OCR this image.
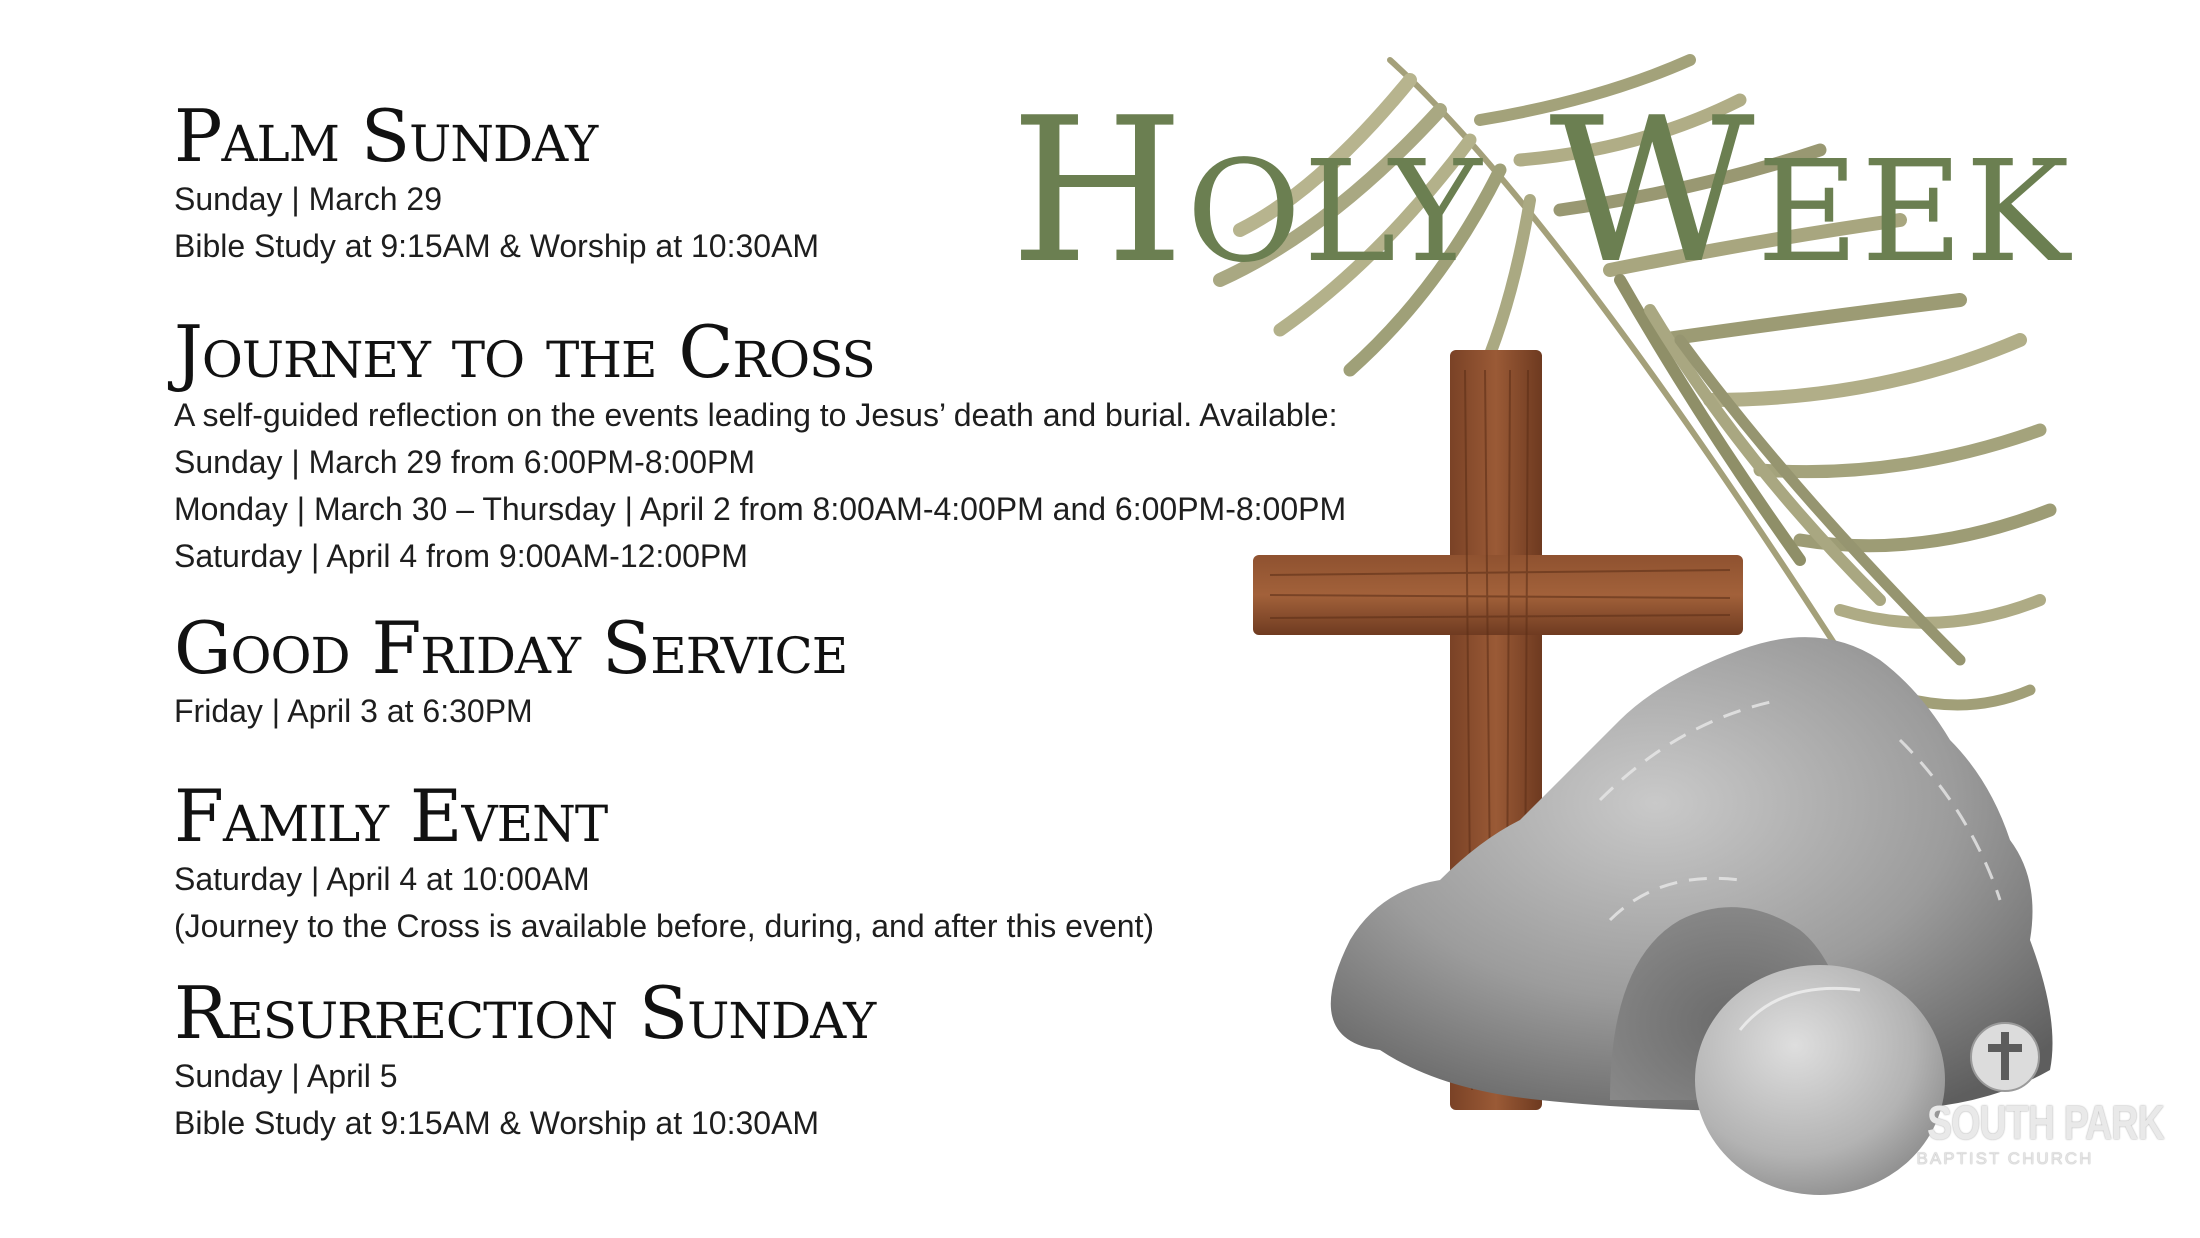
Holy Week
Palm Sunday
Sunday | March 29
Bible Study at 9:15AM & Worship at 10:30AM
Journey to the Cross
A self-guided reflection on the events leading to Jesus’ death and burial. Available:
Sunday | March 29 from 6:00PM-8:00PM
Monday | March 30 – Thursday | April 2 from 8:00AM-4:00PM and 6:00PM-8:00PM
Saturday | April 4 from 9:00AM-12:00PM
Good Friday Service
Friday | April 3 at 6:30PM
Family Event
Saturday | April 4 at 10:00AM
(Journey to the Cross is available before, during, and after this event)
Resurrection Sunday
Sunday | April 5
Bible Study at 9:15AM & Worship at 10:30AM	SOUTH PARK
BAPTIST CHURCH
